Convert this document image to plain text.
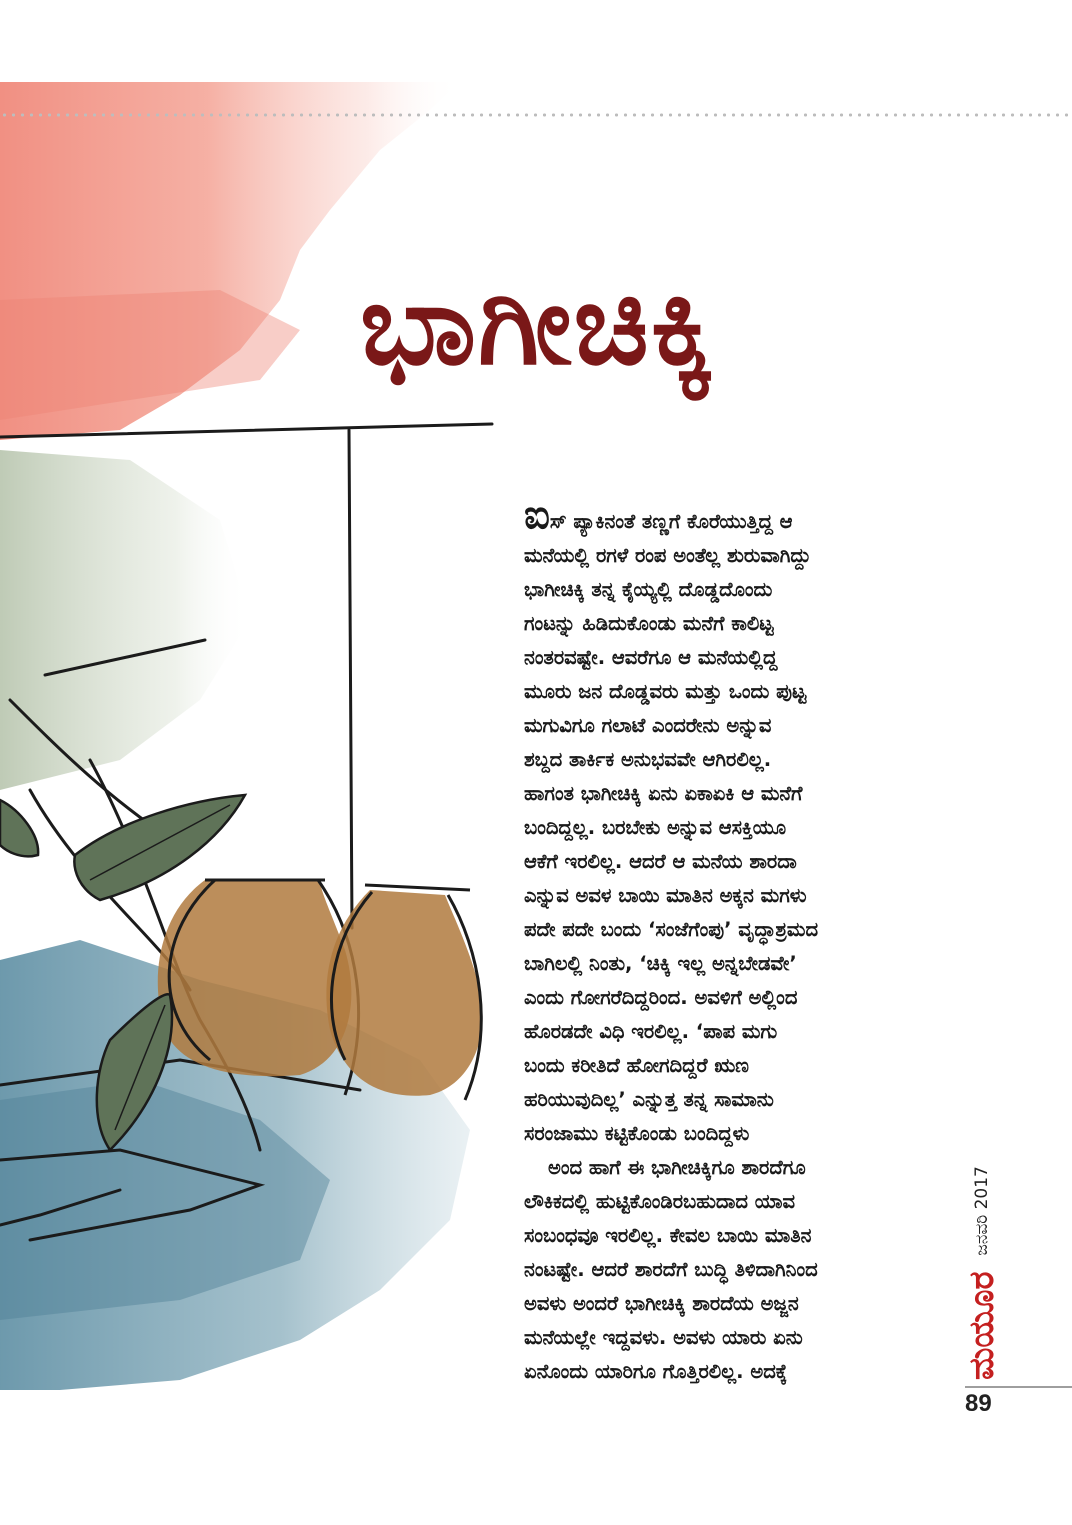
ಭಾಗೀಚಿಕ್ಕಿ

ಐಸ್ ಪ್ಯಾಕಿನಂತೆ ತಣ್ಣಗೆ ಕೊರೆಯುತ್ತಿದ್ದ ಆ
ಮನೆಯಲ್ಲಿ ರಗಳೆ ರಂಪ ಅಂತೆಲ್ಲ ಶುರುವಾಗಿದ್ದು
ಭಾಗೀಚಿಕ್ಕಿ ತನ್ನ ಕೈಯ್ಯಲ್ಲಿ ದೊಡ್ಡದೊಂದು
ಗಂಟನ್ನು ಹಿಡಿದುಕೊಂಡು ಮನೆಗೆ ಕಾಲಿಟ್ಟ
ನಂತರವಷ್ಟೇ. ಆವರೆಗೂ ಆ ಮನೆಯಲ್ಲಿದ್ದ
ಮೂರು ಜನ ದೊಡ್ಡವರು ಮತ್ತು ಒಂದು ಪುಟ್ಟ
ಮಗುವಿಗೂ ಗಲಾಟೆ ಎಂದರೇನು ಅನ್ನುವ
ಶಬ್ದದ ತಾರ್ಕಿಕ ಅನುಭವವೇ ಆಗಿರಲಿಲ್ಲ.
ಹಾಗಂತ ಭಾಗೀಚಿಕ್ಕಿ ಏನು ಏಕಾಏಕಿ ಆ ಮನೆಗೆ
ಬಂದಿದ್ದಲ್ಲ. ಬರಬೇಕು ಅನ್ನುವ ಆಸಕ್ತಿಯೂ
ಆಕೆಗೆ ಇರಲಿಲ್ಲ. ಆದರೆ ಆ ಮನೆಯ ಶಾರದಾ
ಎನ್ನುವ ಅವಳ ಬಾಯಿ ಮಾತಿನ ಅಕ್ಕನ ಮಗಳು
ಪದೇ ಪದೇ ಬಂದು ‘ಸಂಜೆಗೆಂಪು’ ವೃದ್ಧಾಶ್ರಮದ
ಬಾಗಿಲಲ್ಲಿ ನಿಂತು, ‘ಚಿಕ್ಕಿ ಇಲ್ಲ ಅನ್ನಬೇಡವೇ’
ಎಂದು ಗೋಗರೆದಿದ್ದರಿಂದ. ಅವಳಿಗೆ ಅಲ್ಲಿಂದ
ಹೊರಡದೇ ವಿಧಿ ಇರಲಿಲ್ಲ. ‘ಪಾಪ ಮಗು
ಬಂದು ಕರೀತಿದೆ ಹೋಗದಿದ್ದರೆ ಋಣ
ಹರಿಯುವುದಿಲ್ಲ’ ಎನ್ನುತ್ತ ತನ್ನ ಸಾಮಾನು
ಸರಂಜಾಮು ಕಟ್ಟಿಕೊಂಡು ಬಂದಿದ್ದಳು

ಅಂದ ಹಾಗೆ ಈ ಭಾಗೀಚಿಕ್ಕಿಗೂ ಶಾರದೆಗೂ
ಲೌಕಿಕದಲ್ಲಿ ಹುಟ್ಟಿಕೊಂಡಿರಬಹುದಾದ ಯಾವ
ಸಂಬಂಧವೂ ಇರಲಿಲ್ಲ. ಕೇವಲ ಬಾಯಿ ಮಾತಿನ
ನಂಟಷ್ಟೇ. ಆದರೆ ಶಾರದೆಗೆ ಬುದ್ಧಿ ತಿಳಿದಾಗಿನಿಂದ
ಅವಳು ಅಂದರೆ ಭಾಗೀಚಿಕ್ಕಿ ಶಾರದೆಯ ಅಜ್ಜನ
ಮನೆಯಲ್ಲೇ ಇದ್ದವಳು. ಅವಳು ಯಾರು ಏನು
ಏನೊಂದು ಯಾರಿಗೂ ಗೊತ್ತಿರಲಿಲ್ಲ. ಅದಕ್ಕೆ	ಮಯೂರ
ಜನವರಿ 2017
89
